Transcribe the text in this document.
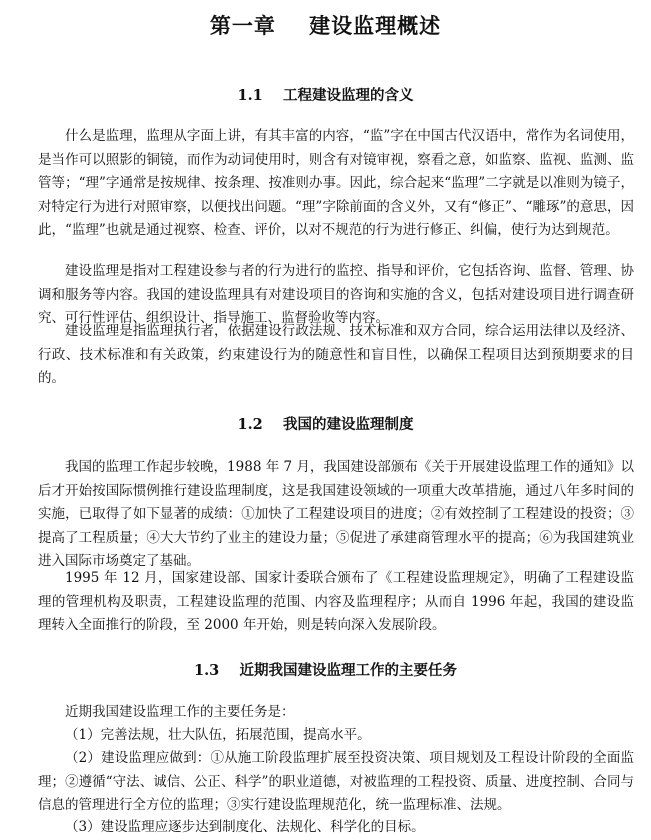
第一章    建设监理概述
1.1    工程建设监理的含义

什么是监理，监理从字面上讲，有其丰富的内容，“监”字在中国古代汉语中，常作为名词使用，是当作可以照影的铜镜，而作为动词使用时，则含有对镜审视，察看之意，如监察、监视、监测、监管等；“理”字通常是按规律、按条理、按准则办事。因此，综合起来“监理”二字就是以准则为镜子，对特定行为进行对照审察，以便找出问题。“理”字除前面的含义外，又有“修正”、“雕琢”的意思，因此，“监理”也就是通过视察、检查、评价，以对不规范的行为进行修正、纠偏，使行为达到规范。

建设监理是指对工程建设参与者的行为进行的监控、指导和评价，它包括咨询、监督、管理、协调和服务等内容。我国的建设监理具有对建设项目的咨询和实施的含义，包括对建设项目进行调查研究、可行性评估、组织设计、指导施工、监督验收等内容。

建设监理是指监理执行者，依据建设行政法规、技术标准和双方合同，综合运用法律以及经济、行政、技术标准和有关政策，约束建设行为的随意性和盲目性，以确保工程项目达到预期要求的目的。

1.2    我国的建设监理制度

我国的监理工作起步较晚，1988 年 7 月，我国建设部颁布《关于开展建设监理工作的通知》以后才开始按国际惯例推行建设监理制度，这是我国建设领域的一项重大改革措施，通过八年多时间的实施，已取得了如下显著的成绩：①加快了工程建设项目的进度；②有效控制了工程建设的投资；③提高了工程质量；④大大节约了业主的建设力量；⑤促进了承建商管理水平的提高；⑥为我国建筑业进入国际市场奠定了基础。

1995 年 12 月，国家建设部、国家计委联合颁布了《工程建设监理规定》，明确了工程建设监理的管理机构及职责，工程建设监理的范围、内容及监理程序；从而自 1996 年起，我国的建设监理转入全面推行的阶段，至 2000 年开始，则是转向深入发展阶段。

1.3    近期我国建设监理工作的主要任务

近期我国建设监理工作的主要任务是：

（1）完善法规，壮大队伍，拓展范围，提高水平。

（2）建设监理应做到：①从施工阶段监理扩展至投资决策、项目规划及工程设计阶段的全面监理；②遵循“守法、诚信、公正、科学”的职业道德，对被监理的工程投资、质量、进度控制、合同与信息的管理进行全方位的监理；③实行建设监理规范化，统一监理标准、法规。

（3）建设监理应逐步达到制度化、法规化、科学化的目标。
